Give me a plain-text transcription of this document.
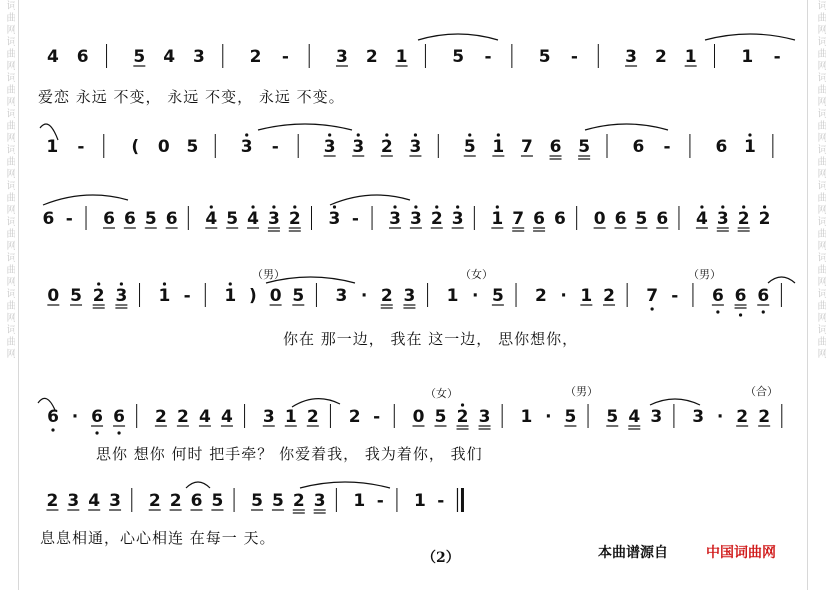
词曲网词曲网词曲网词曲网词曲网词曲网词曲网词曲网词曲网词曲网	词曲网词曲网词曲网词曲网词曲网词曲网词曲网词曲网词曲网词曲网
4 6	5 4 3	2 -	3 2 1	5 -	5 -	3 2 1	1 -
1 -	( 0 5 3 -	3 3 2 3 5 1 7 6 5 6 -	6 1
6 - 6 6 5 6 4 5 4 3 2 3 - 3 3 2 3 1 7 6 6 0 6 5 6 4 3 2 2
0 5 2 3 1 - 1 ) 0 5 3 · 2 3 1 · 5 2 · 1 2 7 - 6 6 6
6 · 6 6 2 2 4 4 3 1 2 2 - 0 5 2 3 1 · 5 5 4 3 3 · 2 2
2 3 4 3 2 2 6 5 5 5 2 3 1 - 1 -
爱恋 永远 不变， 永远 不变， 永远 不变。
你在 那一边， 我在 这一边， 思你想你，
思你 想你 何时 把手牵？ 你爱着我， 我为着你， 我们
息息相通，心心相连 在每一 天。
（男）	（女）	（男）
（女）	（男）	（合）
（2）	本曲谱源自	中国词曲网
